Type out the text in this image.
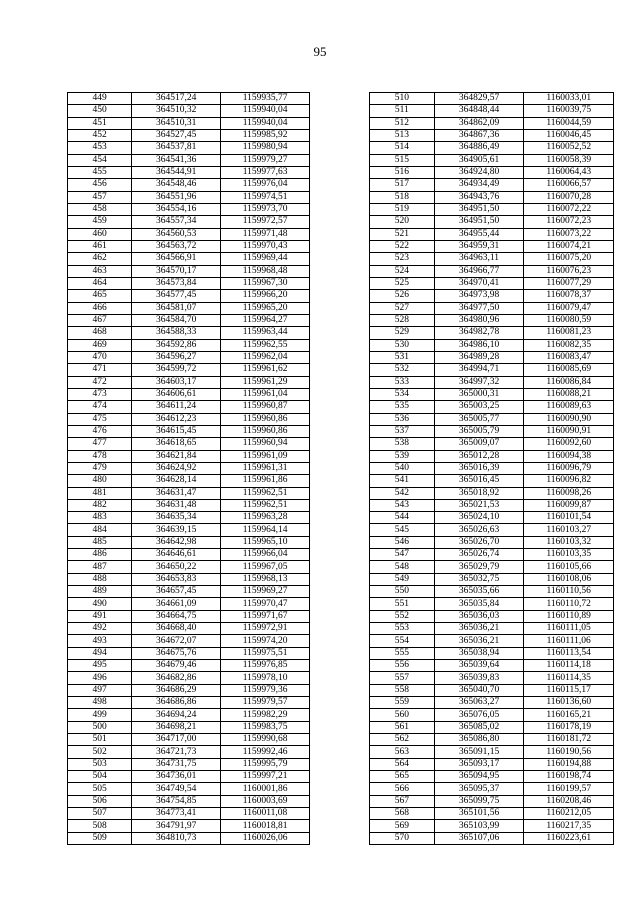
95
449	364517,24	1159935,77
450	364510,32	1159940,04
451	364510,31	1159940,04
452	364527,45	1159985,92
453	364537,81	1159980,94
454	364541,36	1159979,27
455	364544,91	1159977,63
456	364548,46	1159976,04
457	364551,96	1159974,51
458	364554,16	1159973,70
459	364557,34	1159972,57
460	364560,53	1159971,48
461	364563,72	1159970,43
462	364566,91	1159969,44
463	364570,17	1159968,48
464	364573,84	1159967,30
465	364577,45	1159966,20
466	364581,07	1159965,20
467	364584,70	1159964,27
468	364588,33	1159963,44
469	364592,86	1159962,55
470	364596,27	1159962,04
471	364599,72	1159961,62
472	364603,17	1159961,29
473	364606,61	1159961,04
474	364611,24	1159960,87
475	364612,23	1159960,86
476	364615,45	1159960,86
477	364618,65	1159960,94
478	364621,84	1159961,09
479	364624,92	1159961,31
480	364628,14	1159961,86
481	364631,47	1159962,51
482	364631,48	1159962,51
483	364635,34	1159963,28
484	364639,15	1159964,14
485	364642,98	1159965,10
486	364646,61	1159966,04
487	364650,22	1159967,05
488	364653,83	1159968,13
489	364657,45	1159969,27
490	364661,09	1159970,47
491	364664,75	1159971,67
492	364668,40	1159972,91
493	364672,07	1159974,20
494	364675,76	1159975,51
495	364679,46	1159976,85
496	364682,86	1159978,10
497	364686,29	1159979,36
498	364686,86	1159979,57
499	364694,24	1159982,29
500	364698,21	1159983,75
501	364717,00	1159990,68
502	364721,73	1159992,46
503	364731,75	1159995,79
504	364736,01	1159997,21
505	364749,54	1160001,86
506	364754,85	1160003,69
507	364773,41	1160011,08
508	364791,97	1160018,81
509	364810,73	1160026,06
510	364829,57	1160033,01
511	364848,44	1160039,75
512	364862,09	1160044,59
513	364867,36	1160046,45
514	364886,49	1160052,52
515	364905,61	1160058,39
516	364924,80	1160064,43
517	364934,49	1160066,57
518	364943,76	1160070,28
519	364951,50	1160072,22
520	364951,50	1160072,23
521	364955,44	1160073,22
522	364959,31	1160074,21
523	364963,11	1160075,20
524	364966,77	1160076,23
525	364970,41	1160077,29
526	364973,98	1160078,37
527	364977,50	1160079,47
528	364980,96	1160080,59
529	364982,78	1160081,23
530	364986,10	1160082,35
531	364989,28	1160083,47
532	364994,71	1160085,69
533	364997,32	1160086,84
534	365000,31	1160088,21
535	365003,25	1160089,63
536	365005,77	1160090,90
537	365005,79	1160090,91
538	365009,07	1160092,60
539	365012,28	1160094,38
540	365016,39	1160096,79
541	365016,45	1160096,82
542	365018,92	1160098,26
543	365021,53	1160099,87
544	365024,10	1160101,54
545	365026,63	1160103,27
546	365026,70	1160103,32
547	365026,74	1160103,35
548	365029,79	1160105,66
549	365032,75	1160108,06
550	365035,66	1160110,56
551	365035,84	1160110,72
552	365036,03	1160110,89
553	365036,21	1160111,05
554	365036,21	1160111,06
555	365038,94	1160113,54
556	365039,64	1160114,18
557	365039,83	1160114,35
558	365040,70	1160115,17
559	365063,27	1160136,60
560	365076,05	1160165,21
561	365085,02	1160178,19
562	365086,80	1160181,72
563	365091,15	1160190,56
564	365093,17	1160194,88
565	365094,95	1160198,74
566	365095,37	1160199,57
567	365099,75	1160208,46
568	365101,56	1160212,05
569	365103,99	1160217,35
570	365107,06	1160223,61
